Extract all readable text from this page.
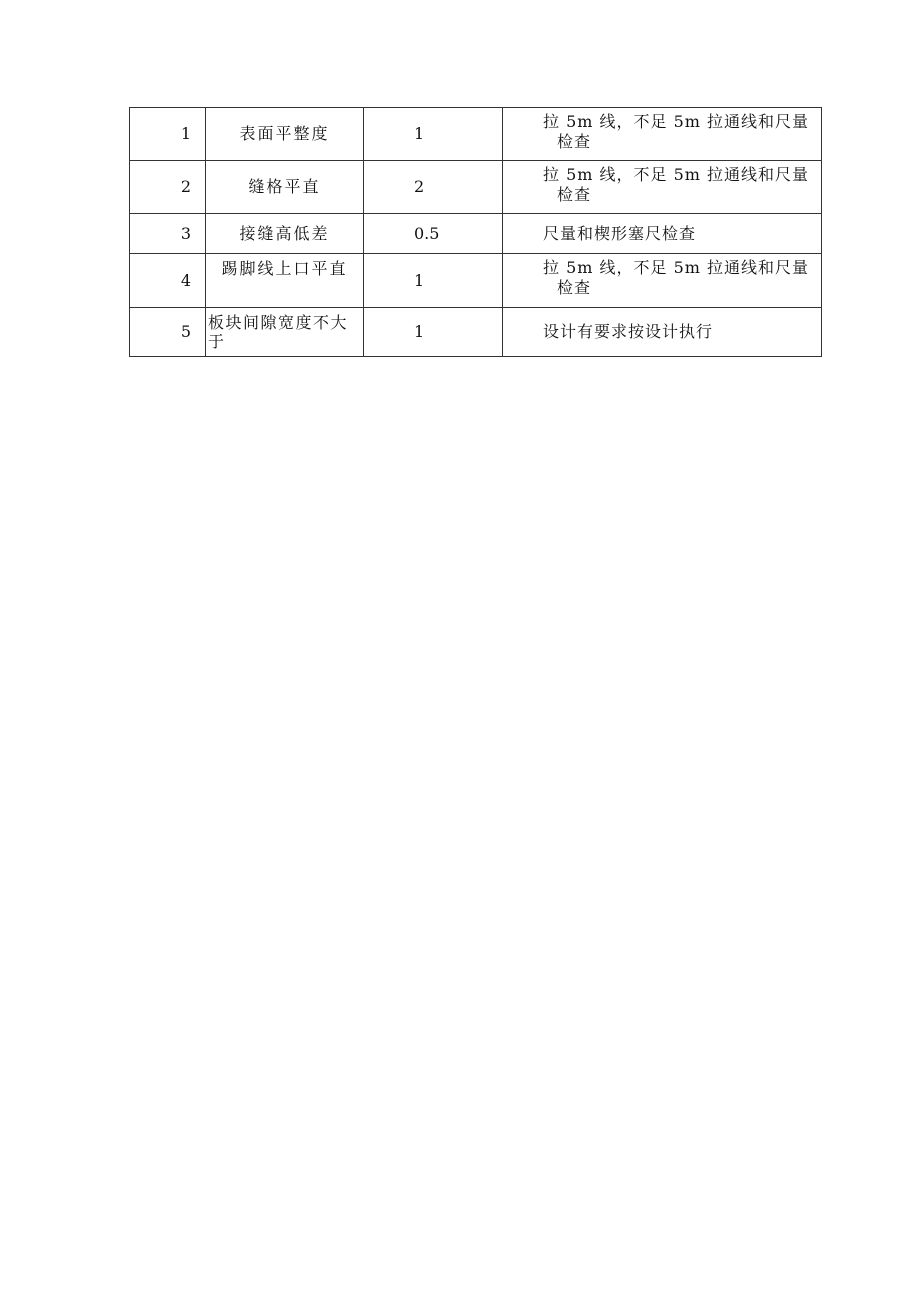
1	表面平整度	1	拉 5m 线，不足 5m 拉通线和尺量
检查

2	缝格平直	2	拉 5m 线，不足 5m 拉通线和尺量
检查

3	接缝高低差	0.5	尺量和楔形塞尺检查
4	踢脚线上口平直	1	拉 5m 线，不足 5m 拉通线和尺量
检查

5	板块间隙宽度不大于	1	设计有要求按设计执行
